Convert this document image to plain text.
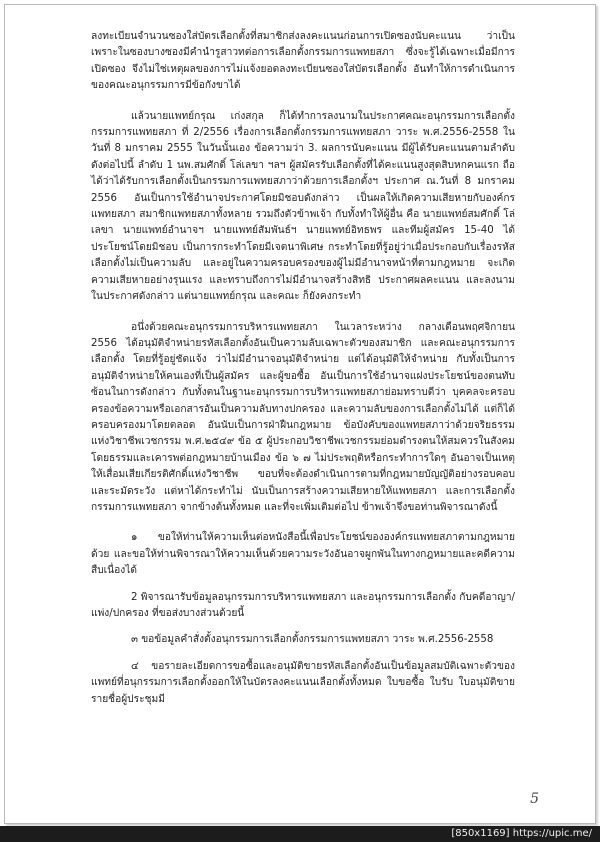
ลงทะเบียนจำนวนซองใส่บัตรเลือกตั้งที่สมาชิกส่งลงคะแนนก่อนการเปิดซองนับคะแนน ว่าเป็นเพราะในซองบางซองมีคำนำรูสาวทต่อการเลือกตั้งกรรมการแพทยสภา ซึ่งจะรู้ได้เฉพาะเมื่อมีการเปิดซอง จึงไม่ใช่เหตุผลของการไม่แจ้งยอดลงทะเบียนซองใส่บัตรเลือกตั้ง อันทำให้การดำเนินการของคณะอนุกรรมการมีข้อกังขาได้

แล้วนายแพทย์กรุณ เก่งสกุล ก็ได้ทำการลงนามในประกาศคณะอนุกรรมการเลือกตั้งกรรมการแพทยสภา ที่ 2/2556 เรื่องการเลือกตั้งกรรมการแพทยสภา วาระ พ.ศ.2556-2558 ในวันที่ 8 มกราคม 2555 ในวันนั้นเอง ข้อความว่า 3. ผลการนับคะแนน มีผู้ได้รับคะแนนตามลำดับดังต่อไปนี้ ลำดับ 1 นพ.สมศักดิ์ โล่เลขา ฯลฯ ผู้สมัครรับเลือกตั้งที่ได้คะแนนสูงสุดสิบหกคนแรก ถือได้ว่าได้รับการเลือกตั้งเป็นกรรมการแพทยสภาว่าด้วยการเลือกตั้งฯ ประกาศ ณ.วันที่ 8 มกราคม 2556 อันเป็นการใช้อำนาจประกาศโดยมิชอบดังกล่าว เป็นผลให้เกิดความเสียหายกับองค์กรแพทยสภา สมาชิกแพทยสภาทั้งหลาย รวมถึงตัวข้าพเจ้า กับทั้งทำให้ผู้อื่น คือ นายแพทย์สมศักดิ์ โล่เลขา นายแพทย์อำนาจฯ นายแพทย์สัมพันธ์ฯ นายแพทย์อิทธพร และทีมผู้สมัคร 15-40 ได้ประโยชน์โดยมิชอบ เป็นการกระทำโดยมีเจตนาพิเศษ กระทำโดยที่รู้อยู่ว่าเมื่อประกอบกับเรื่องรหัสเลือกตั้งไม่เป็นความลับ และอยู่ในความครอบครองของผู้ไม่มีอำนาจหน้าที่ตามกฎหมาย จะเกิดความเสียหายอย่างรุนแรง และทราบถึงการไม่มีอำนาจสร้างสิทธิ ประกาศผลคะแนน และลงนามในประกาศดังกล่าว แต่นายแพทย์กรุณ และคณะ ก็ยังคงกระทำ

อนึ่งด้วยคณะอนุกรรมการบริหารแพทยสภา ในเวลาระหว่าง กลางเดือนพฤศจิกายน 2556 ได้อนุมัติจำหน่ายรหัสเลือกตั้งอันเป็นความลับเฉพาะตัวของสมาชิก และคณะอนุกรรมการเลือกตั้ง โดยที่รู้อยู่ชัดแจ้ง ว่าไม่มีอำนาจอนุมัติจำหน่าย แต่ได้อนุมัติให้จำหน่าย กับทั้งเป็นการอนุมัติจำหน่ายให้คนเองที่เป็นผู้สมัคร และผู้ขอซื้อ อันเป็นการใช้อำนาจแฝงประโยชน์ของตนทับซ้อนในการดังกล่าว กับทั้งตนในฐานะอนุกรรมการบริหารแพทยสภาย่อมทราบดีว่า บุคคลจะครอบครองข้อความหรือเอกสารอันเป็นความลับทางปกครอง และความลับของการเลือกตั้งไม่ได้ แต่ก็ได้ครอบครองมาโดยตลอด อันนับเป็นการฝ่าฝืนกฎหมาย ข้อบังคับของแพทยสภาว่าด้วยจริยธรรมแห่งวิชาชีพเวชกรรม พ.ศ.๒๕๔๙ ข้อ ๕ ผู้ประกอบวิชาชีพเวชกรรมย่อมดำรงตนให้สมควรในสังคมโดยธรรมและเคารพต่อกฎหมายบ้านเมือง ข้อ ๖ ๗ ไม่ประพฤติหรือกระทำการใดๆ อันอาจเป็นเหตุให้เสื่อมเสียเกียรติศักดิ์แห่งวิชาชีพ ขอบที่จะต้องดำเนินการตามที่กฎหมายบัญญัติอย่างรอบคอบและระมัดระวัง แต่หาได้กระทำไม่ นับเป็นการสร้างความเสียหายให้แพทยสภา และการเลือกตั้งกรรมการแพทยสภา จากข้างต้นทั้งหมด และที่จะเพิ่มเติมต่อไป ข้าพเจ้าจึงขอท่านพิจารณาดังนี้

๑ ขอให้ท่านให้ความเห็นต่อหนังสือนี้เพื่อประโยชน์ขององค์กรแพทยสภาตามกฎหมายด้วย และขอให้ท่านพิจารณาให้ความเห็นด้วยความระวังอันอาจผูกพันในทางกฎหมายและคดีความสืบเนื่องได้

2 พิจารณารับข้อมูลอนุกรรมการบริหารแพทยสภา และอนุกรรมการเลือกตั้ง กับคดีอาญา/แพ่ง/ปกครอง ที่ขอส่งบางส่วนด้วยนี้

๓ ขอข้อมูลคำสั่งตั้งอนุกรรมการเลือกตั้งกรรมการแพทยสภา วาระ พ.ศ.2556-2558

๔ ขอรายละเอียดการขอซื้อและอนุมัติขายรหัสเลือกตั้งอันเป็นข้อมูลสมบัติเฉพาะตัวของแพทย์ที่อนุกรรมการเลือกตั้งออกให้ในบัตรลงคะแนนเลือกตั้งทั้งหมด ใบขอซื้อ ใบรับ ใบอนุมัติขาย รายชื่อผู้ประชุมมี

5
[850x1169] https://upic.me/
